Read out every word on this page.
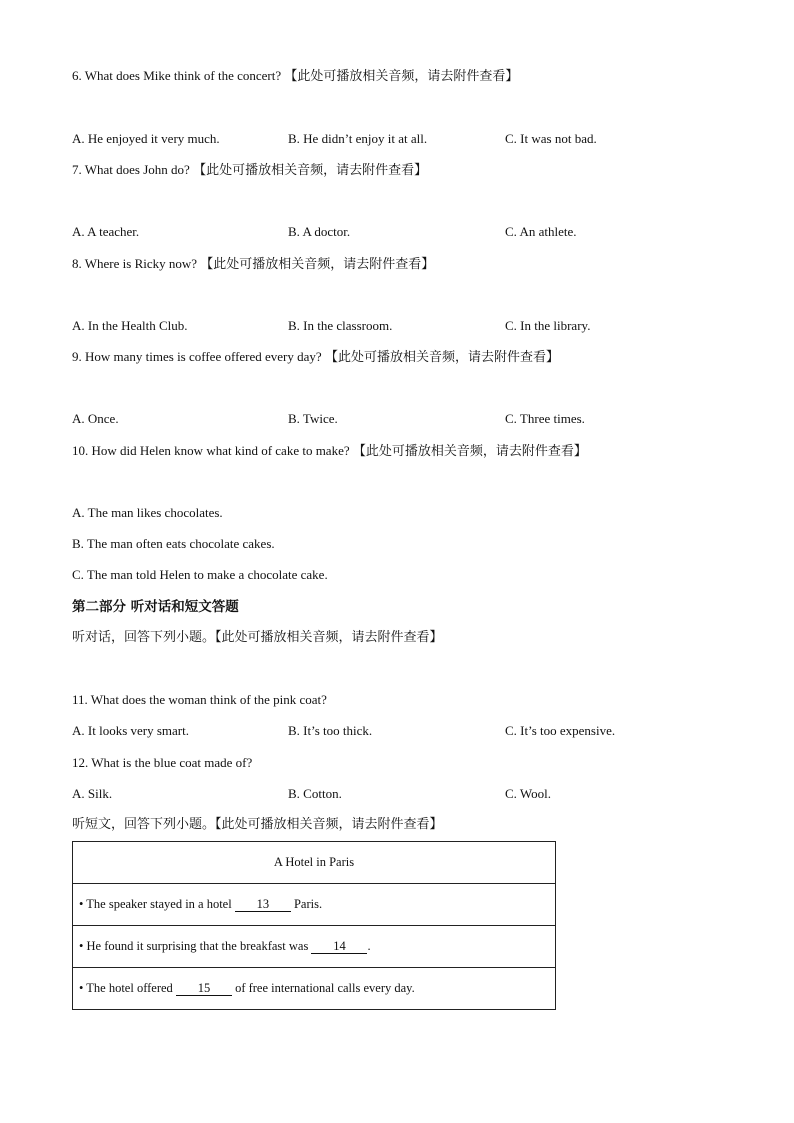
6. What does Mike think of the concert? 【此处可播放相关音频，请去附件查看】
A. He enjoyed it very much.	B. He didn’t enjoy it at all.	C. It was not bad.
7. What does John do? 【此处可播放相关音频，请去附件查看】
A. A teacher.	B. A doctor.	C. An athlete.
8. Where is Ricky now? 【此处可播放相关音频，请去附件查看】
A. In the Health Club.	B. In the classroom.	C. In the library.
9. How many times is coffee offered every day? 【此处可播放相关音频，请去附件查看】
A. Once.	B. Twice.	C. Three times.
10. How did Helen know what kind of cake to make? 【此处可播放相关音频，请去附件查看】
A. The man likes chocolates.
B. The man often eats chocolate cakes.
C. The man told Helen to make a chocolate cake.
第二部分 听对话和短文答题
听对话，回答下列小题。【此处可播放相关音频，请去附件查看】
11. What does the woman think of the pink coat?
A. It looks very smart.	B. It’s too thick.	C. It’s too expensive.
12. What is the blue coat made of?
A. Silk.	B. Cotton.	C. Wool.
听短文，回答下列小题。【此处可播放相关音频，请去附件查看】
A Hotel in Paris
• The speaker stayed in a hotel 13 Paris.
• He found it surprising that the breakfast was 14 .
• The hotel offered 15 of free international calls every day.
